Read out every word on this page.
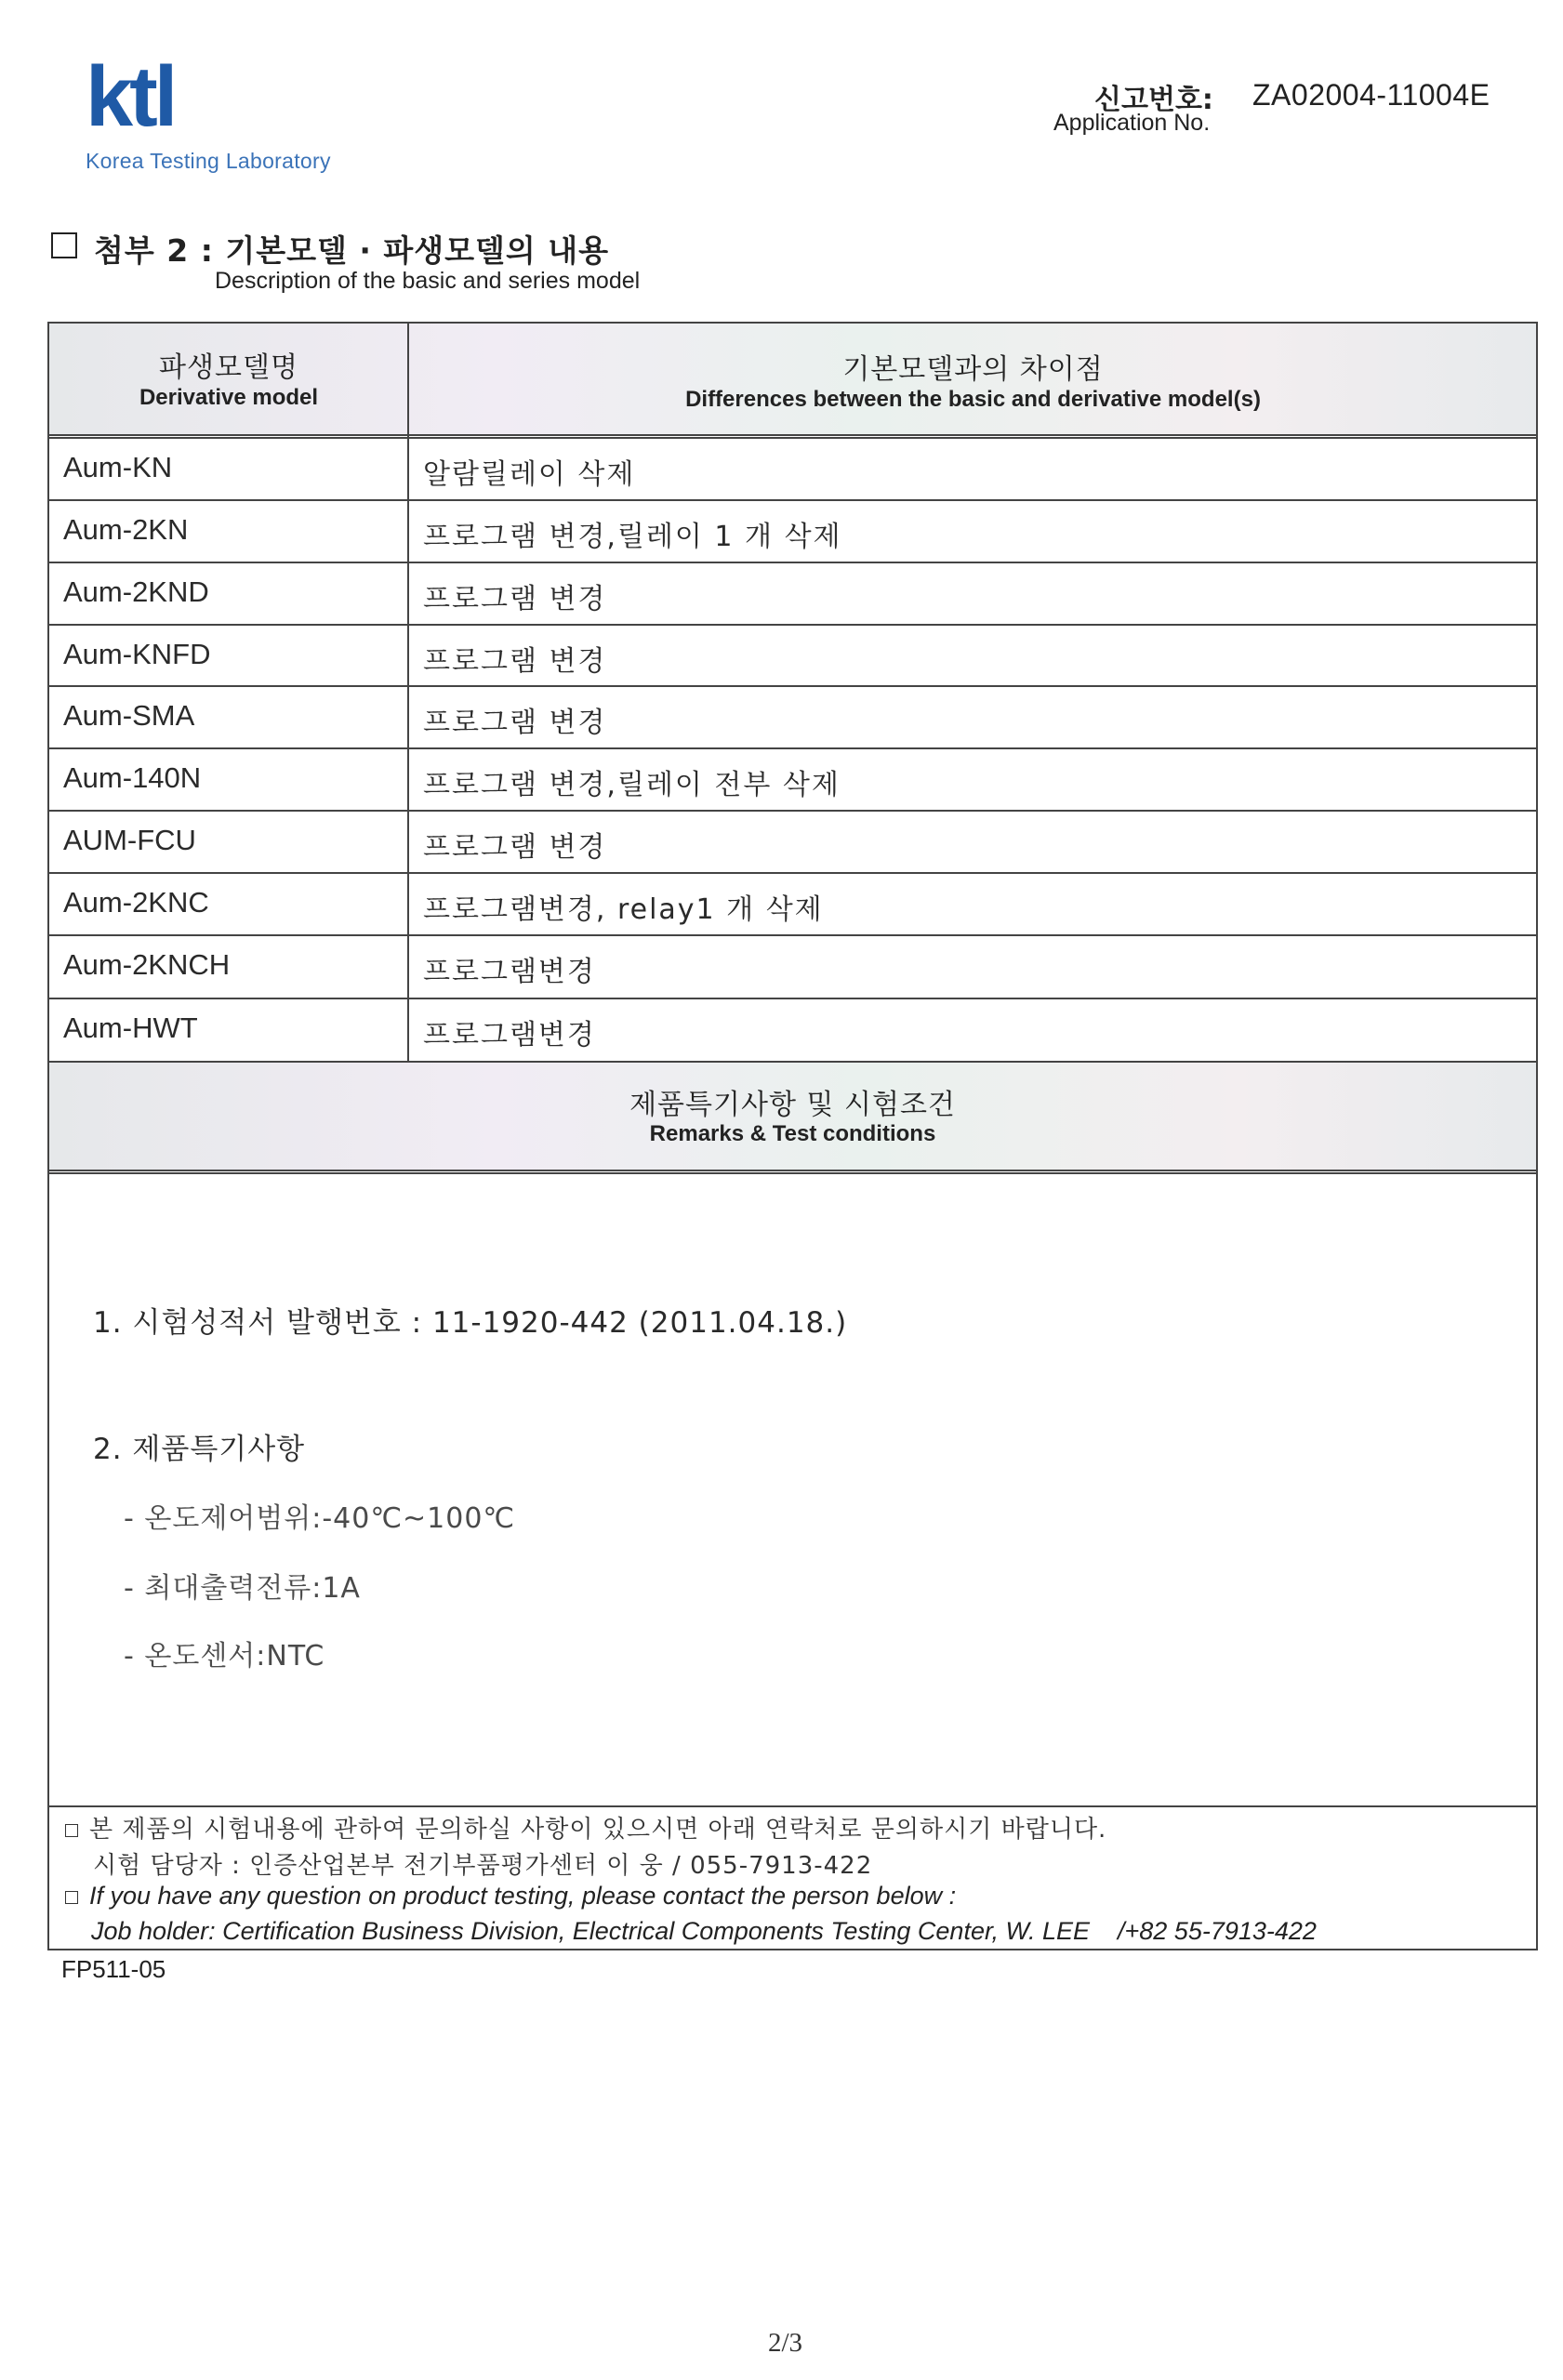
ktl
Korea Testing Laboratory
신고번호:
Application No.
ZA02004-11004E
첨부 2 : 기본모델 · 파생모델의 내용
Description of the basic and series model
파생모델명
Derivative model
기본모델과의 차이점
Differences between the basic and derivative model(s)
Aum-KN	알람릴레이 삭제
Aum-2KN	프로그램 변경,릴레이 1 개 삭제
Aum-2KND	프로그램 변경
Aum-KNFD	프로그램 변경
Aum-SMA	프로그램 변경
Aum-140N	프로그램 변경,릴레이 전부 삭제
AUM-FCU	프로그램 변경
Aum-2KNC	프로그램변경, relay1 개 삭제
Aum-2KNCH	프로그램변경
Aum-HWT	프로그램변경
제품특기사항 및 시험조건
Remarks & Test conditions
1. 시험성적서 발행번호 : 11-1920-442 (2011.04.18.)
2. 제품특기사항
- 온도제어범위:-40℃~100℃
- 최대출력전류:1A
- 온도센서:NTC
본 제품의 시험내용에 관하여 문의하실 사항이 있으시면 아래 연락처로 문의하시기 바랍니다.
시험 담당자 : 인증산업본부 전기부품평가센터 이 웅 / 055-7913-422
If you have any question on product testing, please contact the person below :
Job holder: Certification Business Division, Electrical Components Testing Center, W. LEE    /+82 55-7913-422
FP511-05
2/3
